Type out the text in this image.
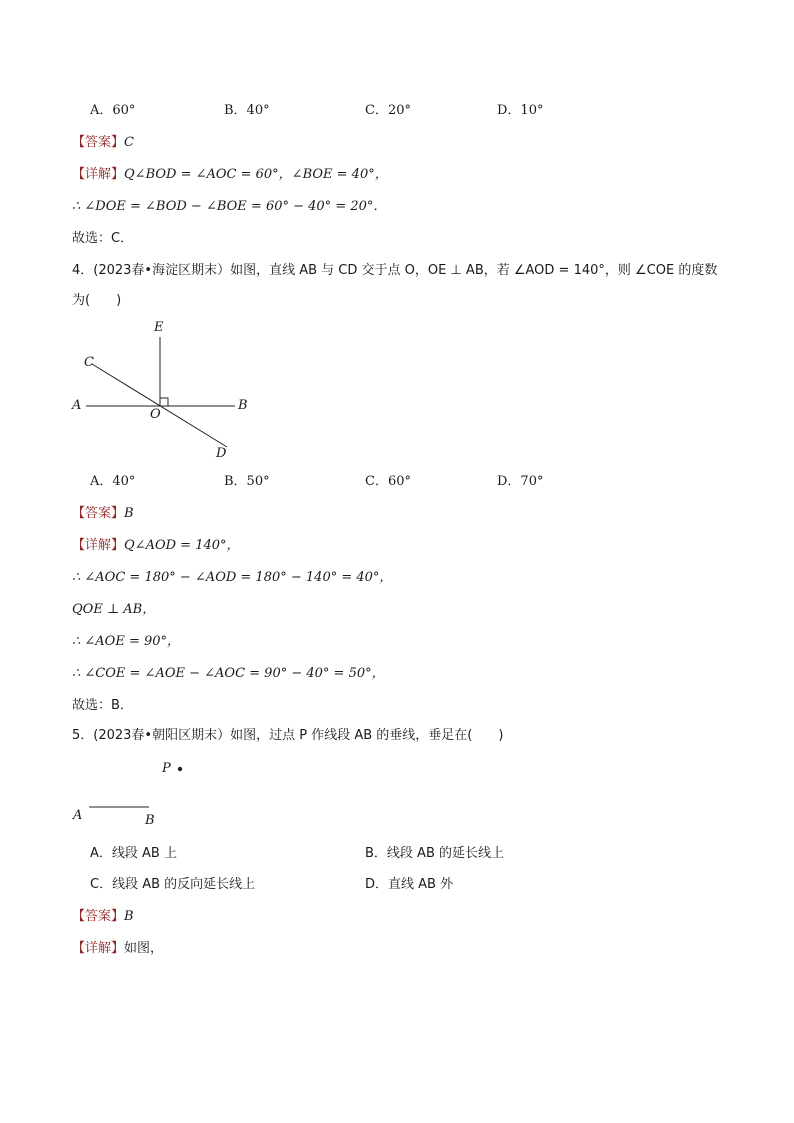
A．60°	B．40°	C．20°	D．10°
【答案】C
【详解】Q∠BOD = ∠AOC = 60°，∠BOE = 40°，
∴ ∠DOE = ∠BOD − ∠BOE = 60° − 40° = 20°．
故选：C．
4．(2023春•海淀区期末）如图，直线 AB 与 CD 交于点 O，OE ⊥ AB，若 ∠AOD = 140°，则 ∠COE 的度数
为(　　)
E
C
A
O
B
D
A．40°	B．50°	C．60°	D．70°
【答案】B
【详解】Q∠AOD = 140°，
∴ ∠AOC = 180° − ∠AOD = 180° − 140° = 40°，
QOE ⊥ AB，
∴ ∠AOE = 90°，
∴ ∠COE = ∠AOE − ∠AOC = 90° − 40° = 50°，
故选：B．
5．(2023春•朝阳区期末）如图，过点 P 作线段 AB 的垂线，垂足在(　　)
P
A	B
A．线段 AB 上	B．线段 AB 的延长线上
C．线段 AB 的反向延长线上	D．直线 AB 外
【答案】B
【详解】如图，
